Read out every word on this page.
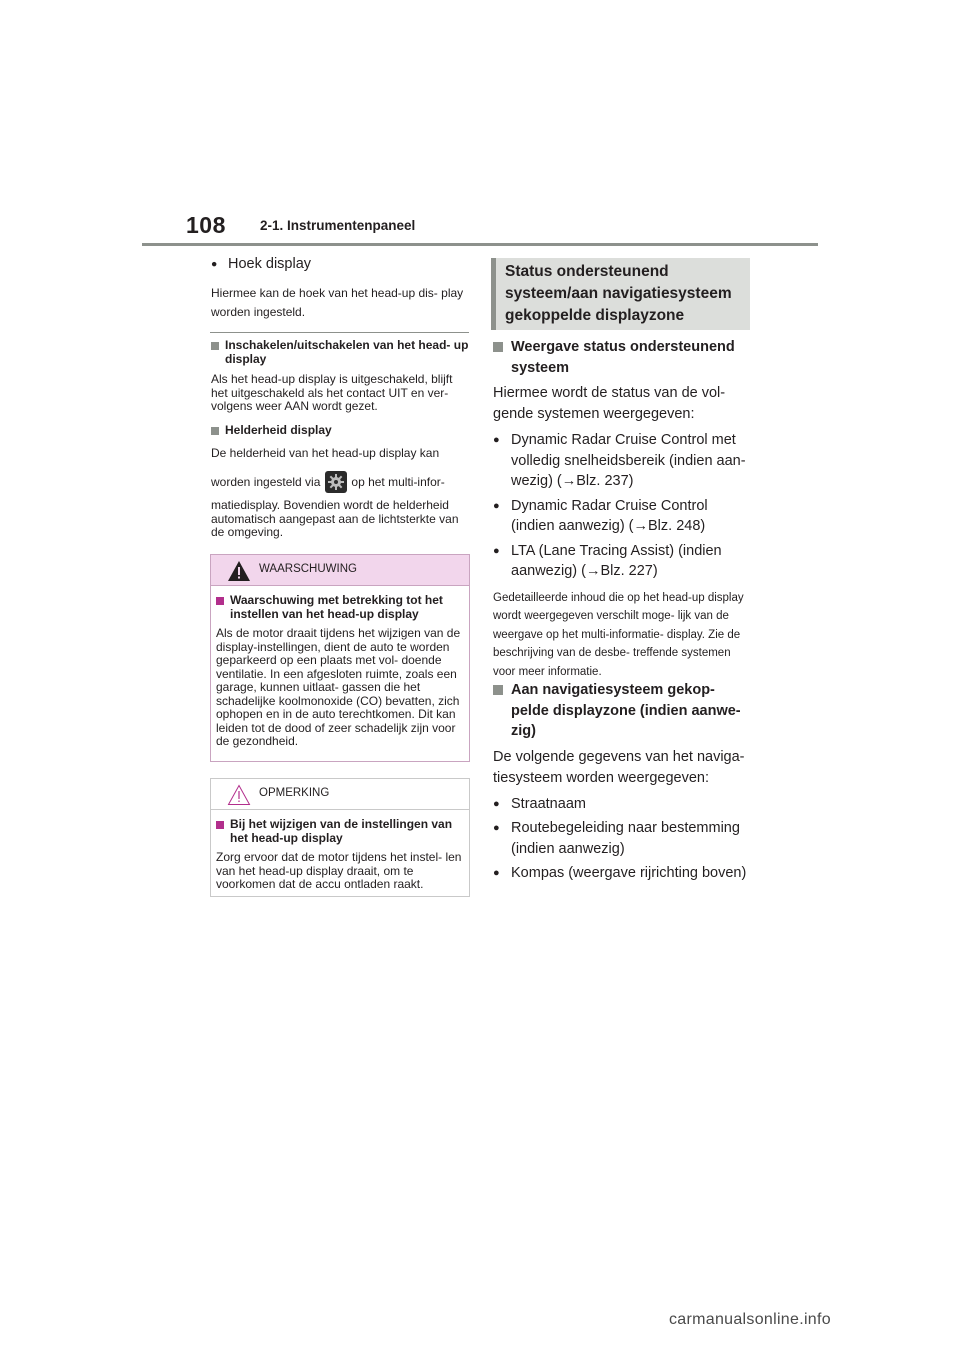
108	2-1. Instrumentenpaneel
● Hoek display
Hiermee kan de hoek van het head-up dis- play worden ingesteld.
Inschakelen/uitschakelen van het head- up display
Als het head-up display is uitgeschakeld, blijft het uitgeschakeld als het contact UIT en ver- volgens weer AAN wordt gezet.
Helderheid display
De helderheid van het head-up display kan
worden ingesteld via	op het multi-infor-
matiedisplay. Bovendien wordt de helderheid automatisch aangepast aan de lichtsterkte van de omgeving.
WAARSCHUWING
Waarschuwing met betrekking tot het instellen van het head-up display
Als de motor draait tijdens het wijzigen van de display-instellingen, dient de auto te worden geparkeerd op een plaats met vol- doende ventilatie. In een afgesloten ruimte, zoals een garage, kunnen uitlaat- gassen die het schadelijke koolmonoxide (CO) bevatten, zich ophopen en in de auto terechtkomen. Dit kan leiden tot de dood of zeer schadelijk zijn voor de gezondheid.
OPMERKING
Bij het wijzigen van de instellingen van het head-up display
Zorg ervoor dat de motor tijdens het instel- len van het head-up display draait, om te voorkomen dat de accu ontladen raakt.
Status ondersteunend systeem/aan navigatiesysteem gekoppelde displayzone
Weergave status ondersteunend systeem
Hiermee wordt de status van de vol- gende systemen weergegeven:
● Dynamic Radar Cruise Control met volledig snelheidsbereik (indien aan- wezig) (→Blz. 237)
● Dynamic Radar Cruise Control (indien aanwezig) (→Blz. 248)
● LTA (Lane Tracing Assist) (indien aanwezig) (→Blz. 227)
Gedetailleerde inhoud die op het head-up display wordt weergegeven verschilt moge- lijk van de weergave op het multi-informatie- display. Zie de beschrijving van de desbe- treffende systemen voor meer informatie.
Aan navigatiesysteem gekop- pelde displayzone (indien aanwe- zig)
De volgende gegevens van het naviga- tiesysteem worden weergegeven:
● Straatnaam
● Routebegeleiding naar bestemming (indien aanwezig)
● Kompas (weergave rijrichting boven)
carmanualsonline.info
